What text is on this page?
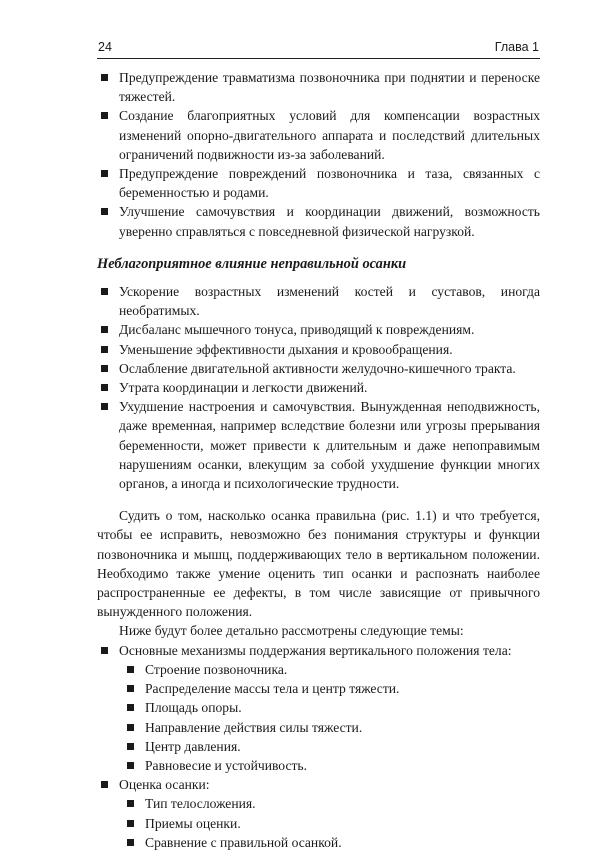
24	Глава 1
Предупреждение травматизма позвоночника при поднятии и переноске тяжестей.
Создание благоприятных условий для компенсации возрастных изменений опорно-двигательного аппарата и последствий длительных ограничений подвижности из-за заболеваний.
Предупреждение повреждений позвоночника и таза, связанных с беременностью и родами.
Улучшение самочувствия и координации движений, возможность уверенно справляться с повседневной физической нагрузкой.
Неблагоприятное влияние неправильной осанки
Ускорение возрастных изменений костей и суставов, иногда необратимых.
Дисбаланс мышечного тонуса, приводящий к повреждениям.
Уменьшение эффективности дыхания и кровообращения.
Ослабление двигательной активности желудочно-кишечного тракта.
Утрата координации и легкости движений.
Ухудшение настроения и самочувствия. Вынужденная неподвижность, даже временная, например вследствие болезни или угрозы прерывания беременности, может привести к длительным и даже непоправимым нарушениям осанки, влекущим за собой ухудшение функции многих органов, а иногда и психологические трудности.

Судить о том, насколько осанка правильна (рис. 1.1) и что требуется, чтобы ее исправить, невозможно без понимания структуры и функции позвоночника и мышц, поддерживающих тело в вертикальном положении. Необходимо также умение оценить тип осанки и распознать наиболее распространенные ее дефекты, в том числе зависящие от привычного вынужденного положения.

Ниже будут более детально рассмотрены следующие темы:

Основные механизмы поддержания вертикального положения тела:
Строение позвоночника.
Распределение массы тела и центр тяжести.
Площадь опоры.
Направление действия силы тяжести.
Центр давления.
Равновесие и устойчивость.
Оценка осанки:
Тип телосложения.
Приемы оценки.
Сравнение с правильной осанкой.
